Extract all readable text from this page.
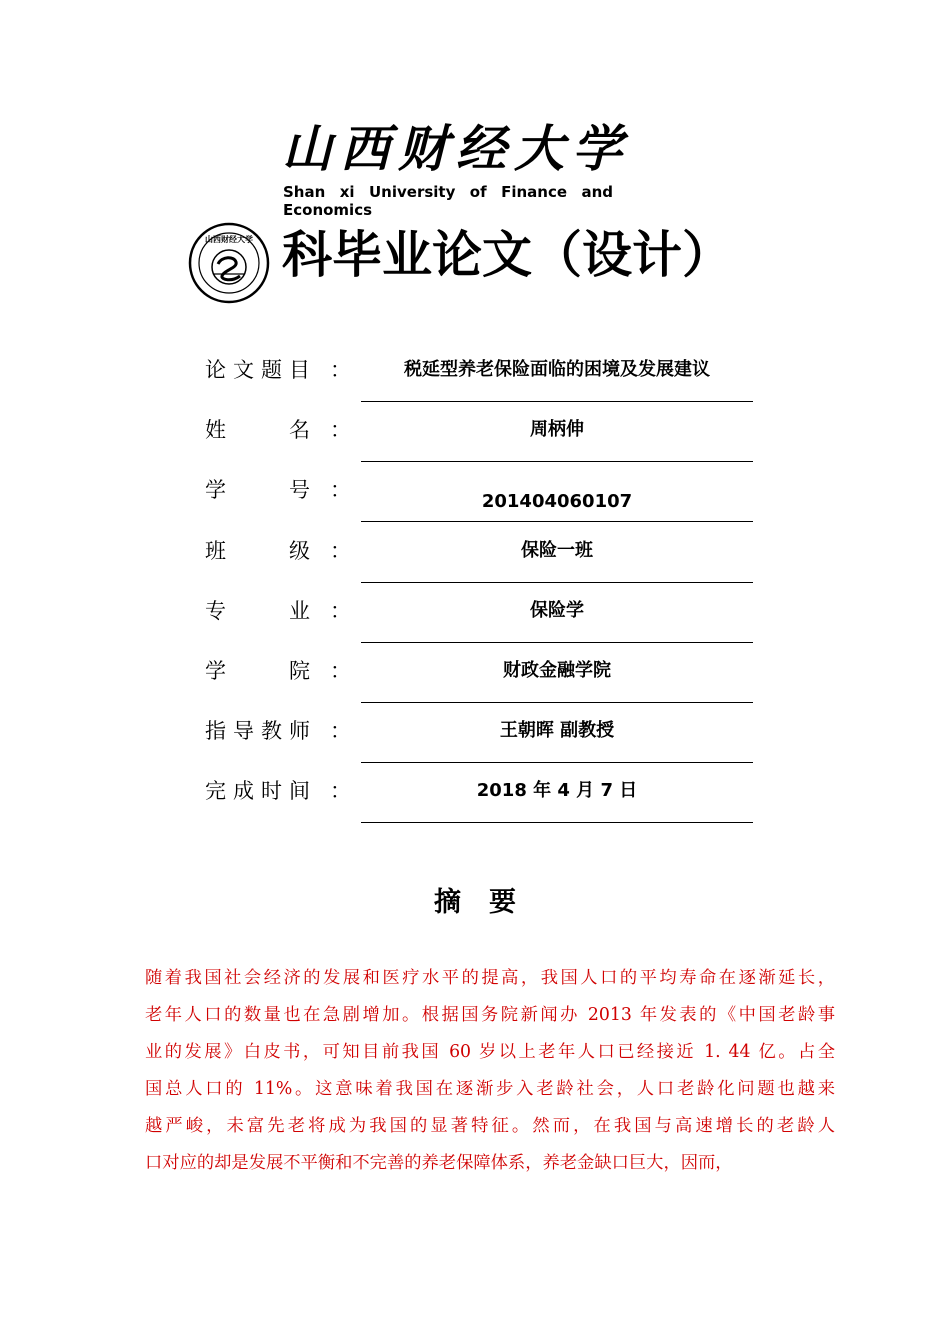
山西财经大学
Shan xi University of Finance and Economics
山西财经大学 科毕业论文（设计）
论 文 题 目 ：	税延型养老保险面临的困境及发展建议
姓	名 ：	周柄伸
学	号 ：	201404060107
班	级 ：	保险一班
专	业 ：	保险学
学	院 ：	财政金融学院
指 导 教 师 ：	王朝晖 副教授
完 成 时 间 ：	2018 年 4 月 7 日
摘要
随着我国社会经济的发展和医疗水平的提高，我国人口的平均寿命在逐渐延长，
老年人口的数量也在急剧增加。根据国务院新闻办 2013 年发表的《中国老龄事
业的发展》白皮书，可知目前我国 60 岁以上老年人口已经接近 1. 44 亿。占全
国总人口的 11%。这意味着我国在逐渐步入老龄社会，人口老龄化问题也越来
越严峻，未富先老将成为我国的显著特征。然而，在我国与高速增长的老龄人
口对应的却是发展不平衡和不完善的养老保障体系，养老金缺口巨大，因而，
